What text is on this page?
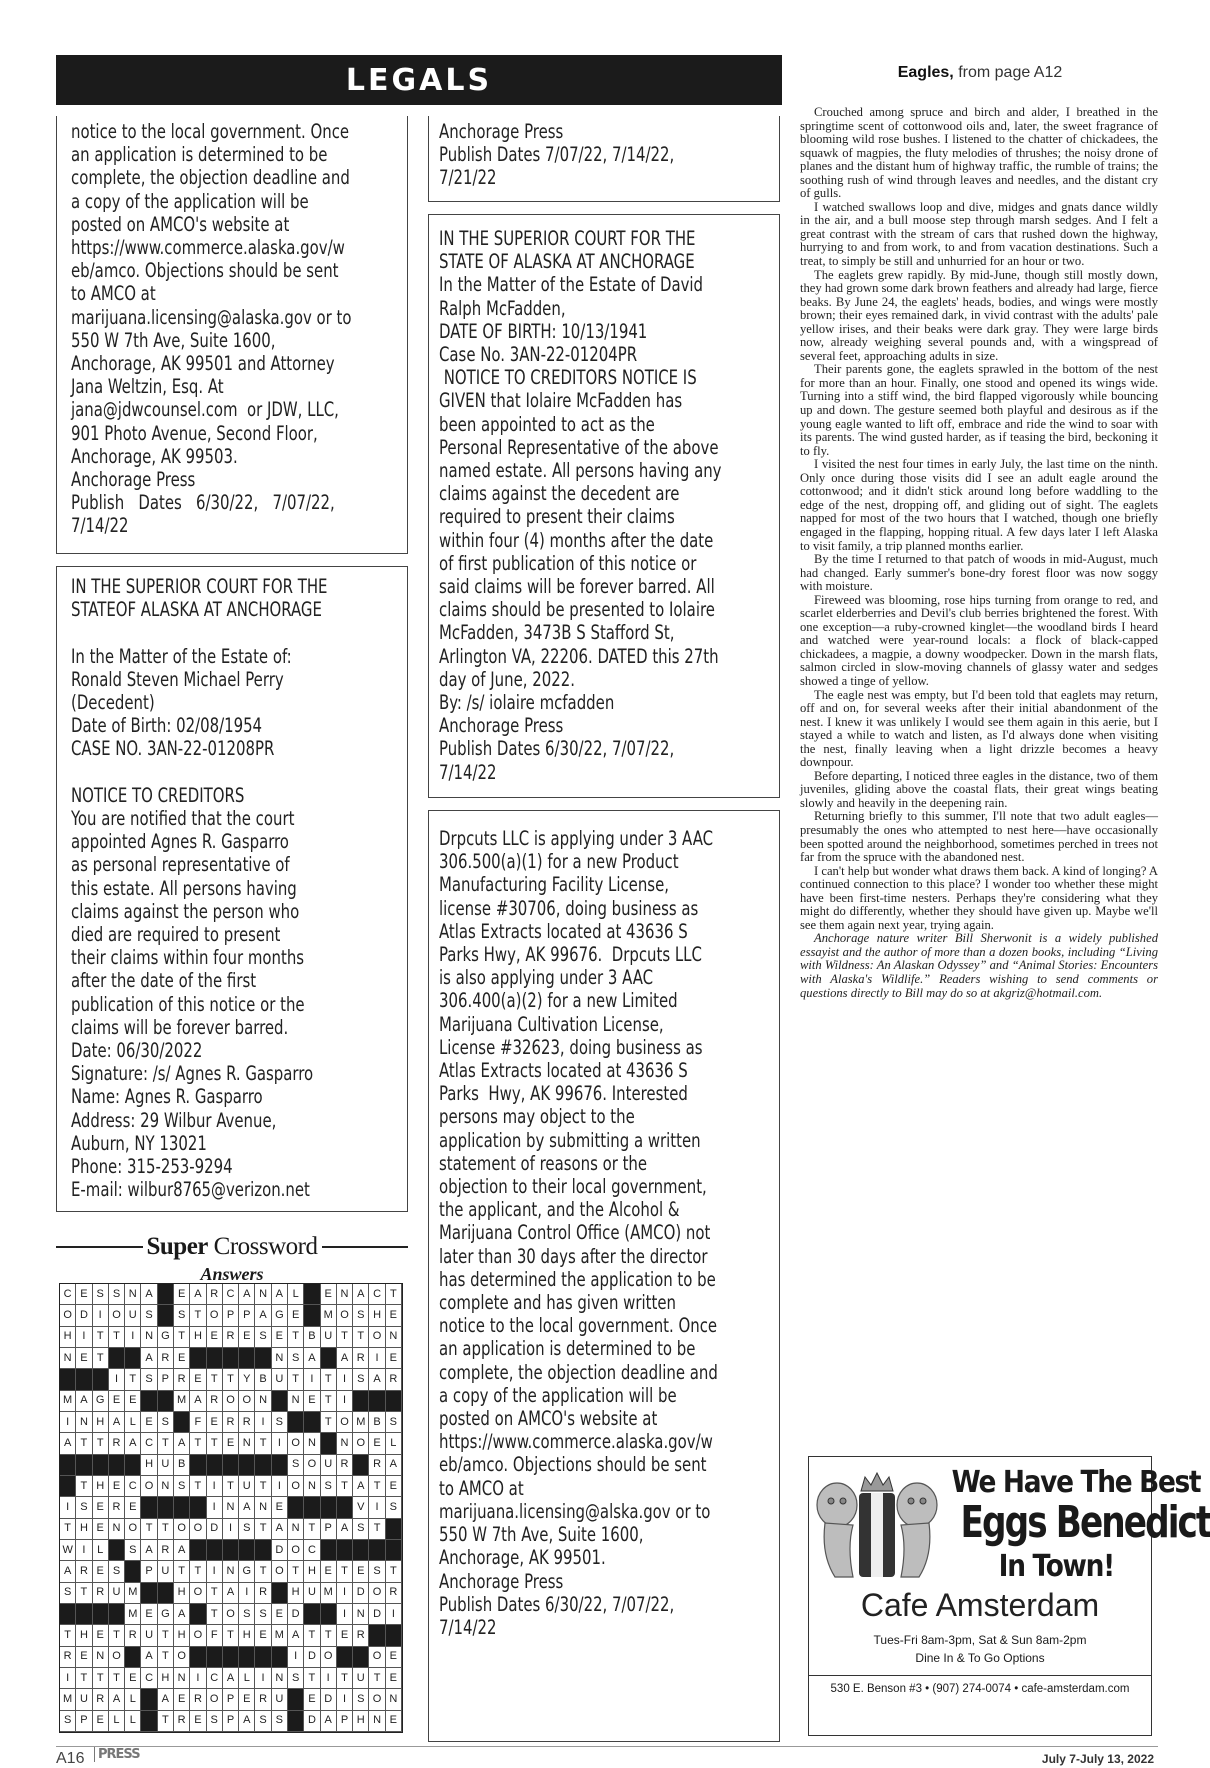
LEGALS	Eagles, from page A12
notice to the local government. Once
an application is determined to be
complete, the objection deadline and
a copy of the application will be
posted on AMCO's website at
https://www.commerce.alaska.gov/w
eb/amco. Objections should be sent
to AMCO at
marijuana.licensing@alaska.gov or to
550 W 7th Ave, Suite 1600,
Anchorage, AK 99501 and Attorney
Jana Weltzin, Esq. At
jana@jdwcounsel.com  or JDW, LLC,
901 Photo Avenue, Second Floor,
Anchorage, AK 99503.
Anchorage Press
Publish   Dates   6/30/22,   7/07/22,
7/14/22
IN THE SUPERIOR COURT FOR THE
STATEOF ALASKA AT ANCHORAGE

In the Matter of the Estate of:
Ronald Steven Michael Perry
(Decedent)
Date of Birth: 02/08/1954
CASE NO. 3AN-22-01208PR

NOTICE TO CREDITORS
You are notified that the court
appointed Agnes R. Gasparro
as personal representative of
this estate. All persons having
claims against the person who
died are required to present
their claims within four months
after the date of the first
publication of this notice or the
claims will be forever barred.
Date: 06/30/2022
Signature: /s/ Agnes R. Gasparro
Name: Agnes R. Gasparro
Address: 29 Wilbur Avenue,
Auburn, NY 13021
Phone: 315-253-9294
E-mail: wilbur8765@verizon.net
Anchorage Press
Publish Dates 7/07/22, 7/14/22,
7/21/22
IN THE SUPERIOR COURT FOR THE
STATE OF ALASKA AT ANCHORAGE
In the Matter of the Estate of David
Ralph McFadden,
DATE OF BIRTH: 10/13/1941
Case No. 3AN-22-01204PR
NOTICE TO CREDITORS NOTICE IS
GIVEN that Iolaire McFadden has
been appointed to act as the
Personal Representative of the above
named estate. All persons having any
claims against the decedent are
required to present their claims
within four (4) months after the date
of first publication of this notice or
said claims will be forever barred. All
claims should be presented to Iolaire
McFadden, 3473B S Stafford St,
Arlington VA, 22206. DATED this 27th
day of June, 2022.
By: /s/ iolaire mcfadden
Anchorage Press
Publish Dates 6/30/22, 7/07/22,
7/14/22
Drpcuts LLC is applying under 3 AAC
306.500(a)(1) for a new Product
Manufacturing Facility License,
license #30706, doing business as
Atlas Extracts located at 43636 S
Parks Hwy, AK 99676.  Drpcuts LLC
is also applying under 3 AAC
306.400(a)(2) for a new Limited
Marijuana Cultivation License,
License #32623, doing business as
Atlas Extracts located at 43636 S
Parks  Hwy, AK 99676. Interested
persons may object to the
application by submitting a written
statement of reasons or the
objection to their local government,
the applicant, and the Alcohol &
Marijuana Control Office (AMCO) not
later than 30 days after the director
has determined the application to be
complete and has given written
notice to the local government. Once
an application is determined to be
complete, the objection deadline and
a copy of the application will be
posted on AMCO's website at
https://www.commerce.alaska.gov/w
eb/amco. Objections should be sent
to AMCO at
marijuana.licensing@alska.gov or to
550 W 7th Ave, Suite 1600,
Anchorage, AK 99501.
Anchorage Press
Publish Dates 6/30/22, 7/07/22,
7/14/22
Super Crossword
Answers
C E S S N A	E A R C A N A L	E N A C T
O D I O U S	S T O P P A G E	M O S H E
H I	T T	I N G T H E R E S E T B U T T O N
N E T	A R E	N S A	A R I	E
I	T S P R E T T Y B U T	I	T	I	S A R
M A G E E	M A R O O N	N E T	I
I N H A L E S	F E R R I	S	T O M B S
A T T R A C T A T T E N T	I O N	N O E L
H U B	S O U R	R A
T H E C O N S T	I	T U T	I O N S T A T E
I	S E R E	I N A N E	V	I	S
T H E N O T T O O D I	S T A N T P A S T
W I	L	S A R A	D O C
A R E S	P U T T	I N G T O T H E T E S T
S T R U M	H O T A	I R	H U M I D O R
M E G A	T O S S E D	I N D I
T H E T R U T H O F T H E M A T T E R
R E N O	A T O	I D O	O E
I	T T T E C H N I C A L	I N S T	I	T U T E
M U R A L	A E R O P E R U	E D I	S O N
S P E L L	T R E S P A S S	D A P H N E

Crouched among spruce and birch and alder, I breathed in the springtime scent of cottonwood oils and, later, the sweet fragrance of blooming wild rose bushes. I listened to the chatter of chickadees, the squawk of magpies, the fluty melodies of thrushes; the noisy drone of planes and the distant hum of highway traffic, the rumble of trains; the soothing rush of wind through leaves and needles, and the distant cry of gulls.

I watched swallows loop and dive, midges and gnats dance wildly in the air, and a bull moose step through marsh sedges. And I felt a great contrast with the stream of cars that rushed down the highway, hurrying to and from work, to and from vacation destinations. Such a treat, to simply be still and unhurried for an hour or two.

The eaglets grew rapidly. By mid-June, though still mostly down, they had grown some dark brown feathers and already had large, fierce beaks. By June 24, the eaglets' heads, bodies, and wings were mostly brown; their eyes remained dark, in vivid contrast with the adults' pale yellow irises, and their beaks were dark gray. They were large birds now, already weighing several pounds and, with a wingspread of several feet, approaching adults in size.

Their parents gone, the eaglets sprawled in the bottom of the nest for more than an hour. Finally, one stood and opened its wings wide. Turning into a stiff wind, the bird flapped vigorously while bouncing up and down. The gesture seemed both playful and desirous as if the young eagle wanted to lift off, embrace and ride the wind to soar with its parents. The wind gusted harder, as if teasing the bird, beckoning it to fly.

I visited the nest four times in early July, the last time on the ninth. Only once during those visits did I see an adult eagle around the cottonwood; and it didn't stick around long before waddling to the edge of the nest, dropping off, and gliding out of sight. The eaglets napped for most of the two hours that I watched, though one briefly engaged in the flapping, hopping ritual. A few days later I left Alaska to visit family, a trip planned months earlier.

By the time I returned to that patch of woods in mid-August, much had changed. Early summer's bone-dry forest floor was now soggy with moisture.

Fireweed was blooming, rose hips turning from orange to red, and scarlet elderberries and Devil's club berries brightened the forest. With one exception—a ruby-crowned kinglet—the woodland birds I heard and watched were year-round locals: a flock of black-capped chickadees, a magpie, a downy woodpecker. Down in the marsh flats, salmon circled in slow-moving channels of glassy water and sedges showed a tinge of yellow.

The eagle nest was empty, but I'd been told that eaglets may return, off and on, for several weeks after their initial abandonment of the nest. I knew it was unlikely I would see them again in this aerie, but I stayed a while to watch and listen, as I'd always done when visiting the nest, finally leaving when a light drizzle becomes a heavy downpour.

Before departing, I noticed three eagles in the distance, two of them juveniles, gliding above the coastal flats, their great wings beating slowly and heavily in the deepening rain.

Returning briefly to this summer, I'll note that two adult eagles—presumably the ones who attempted to nest here—have occasionally been spotted around the neighborhood, sometimes perched in trees not far from the spruce with the abandoned nest.

I can't help but wonder what draws them back. A kind of longing? A continued connection to this place? I wonder too whether these might have been first-time nesters. Perhaps they're considering what they might do differently, whether they should have given up. Maybe we'll see them again next year, trying again.

Anchorage nature writer Bill Sherwonit is a widely published essayist and the author of more than a dozen books, including “Living with Wildness: An Alaskan Odyssey” and “Animal Stories: Encounters with Alaska's Wildlife.” Readers wishing to send comments or questions directly to Bill may do so at akgriz@hotmail.com.

We Have The Best
Eggs Benedict
In Town!
Cafe Amsterdam
Tues-Fri 8am-3pm, Sat & Sun 8am-2pm
Dine In & To Go Options
530 E. Benson #3 • (907) 274-0074 • cafe-amsterdam.com
A16	PRESS	July 7-July 13, 2022
